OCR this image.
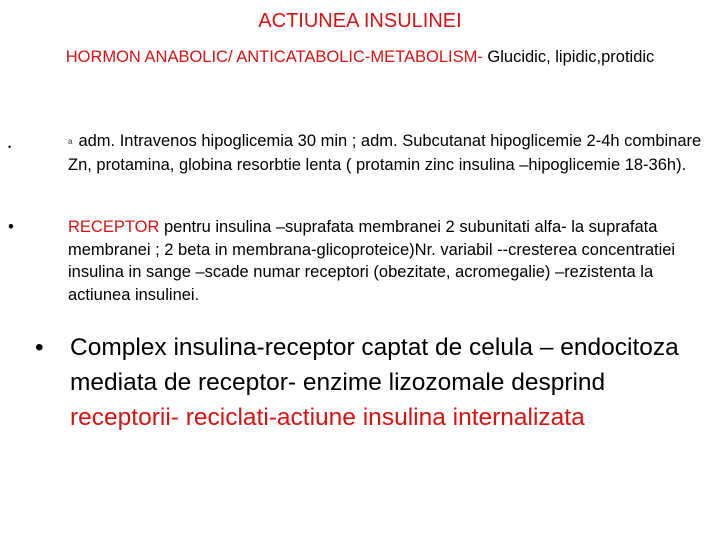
ACTIUNEA INSULINEI
HORMON ANABOLIC/ ANTICATABOLIC-METABOLISM- Glucidic, lipidic,protidic
•
a adm. Intravenos hipoglicemia 30 min ; adm. Subcutanat hipoglicemie 2-4h combinare Zn, protamina, globina resorbtie lenta ( protamin zinc insulina –hipoglicemie 18-36h).
•	RECEPTOR pentru insulina –suprafata membranei 2 subunitati alfa- la suprafata membranei ; 2 beta in membrana-glicoproteice)Nr. variabil --cresterea concentratiei insulina in sange –scade numar receptori (obezitate, acromegalie) –rezistenta la actiunea insulinei.
•	Complex insulina-receptor captat de celula – endocitoza mediata de receptor- enzime lizozomale desprind receptorii- reciclati-actiune insulina internalizata
